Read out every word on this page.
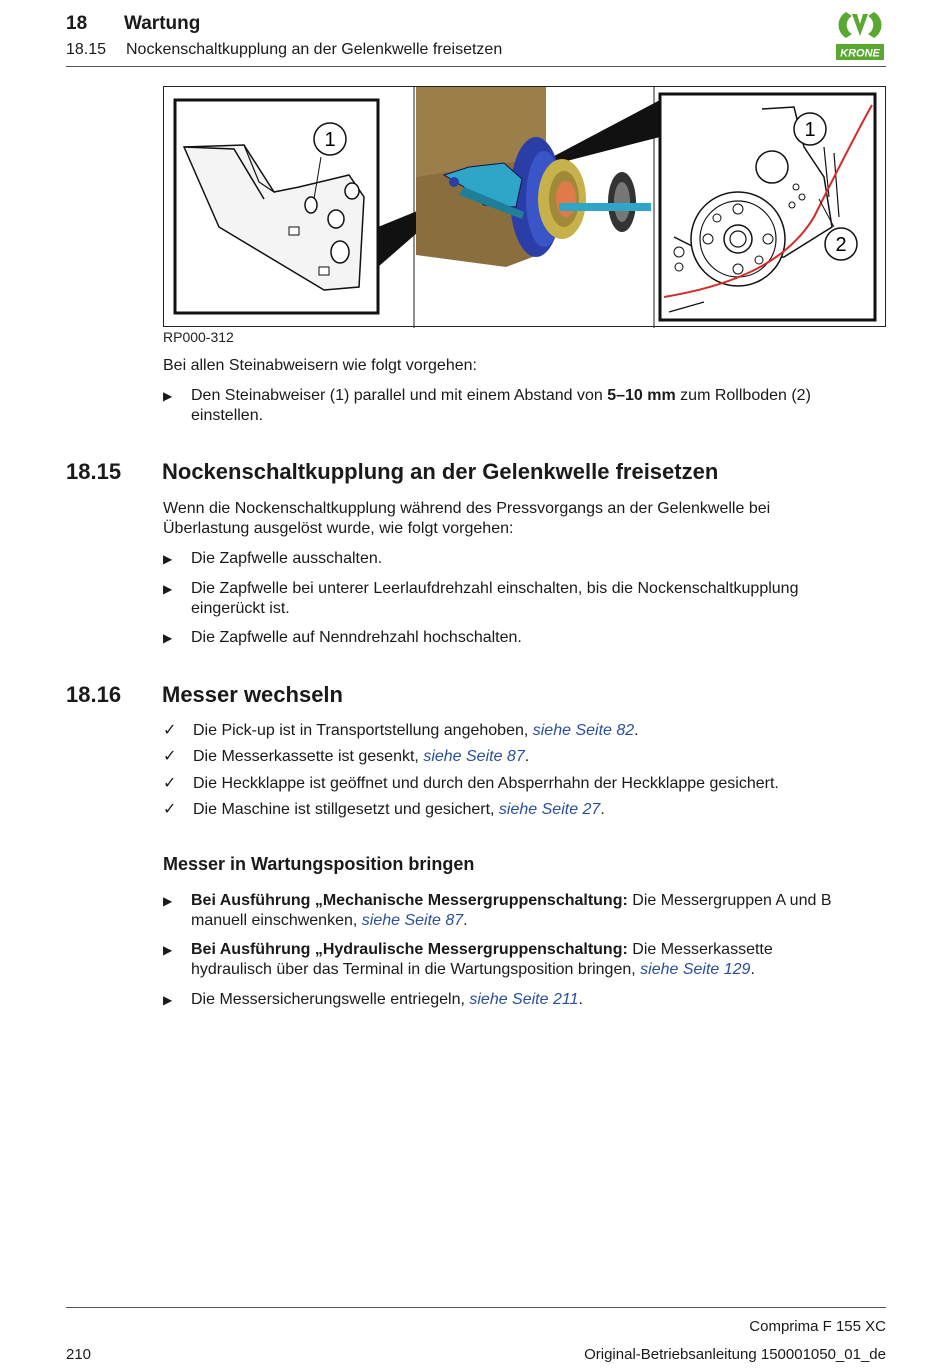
18 Wartung
18.15 Nockenschaltkupplung an der Gelenkwelle freisetzen	KRONE
1	1
2
RP000-312
Bei allen Steinabweisern wie folgt vorgehen:
▶ Den Steinabweiser (1) parallel und mit einem Abstand von 5–10 mm zum Rollboden (2)
einstellen.
18.15 Nockenschaltkupplung an der Gelenkwelle freisetzen
Wenn die Nockenschaltkupplung während des Pressvorgangs an der Gelenkwelle bei
Überlastung ausgelöst wurde, wie folgt vorgehen:
▶ Die Zapfwelle ausschalten.
▶ Die Zapfwelle bei unterer Leerlaufdrehzahl einschalten, bis die Nockenschaltkupplung
eingerückt ist.
▶ Die Zapfwelle auf Nenndrehzahl hochschalten.
18.16 Messer wechseln
✓ Die Pick-up ist in Transportstellung angehoben, siehe Seite 82.
✓ Die Messerkassette ist gesenkt, siehe Seite 87.
✓ Die Heckklappe ist geöffnet und durch den Absperrhahn der Heckklappe gesichert.
✓ Die Maschine ist stillgesetzt und gesichert, siehe Seite 27.
Messer in Wartungsposition bringen
▶ Bei Ausführung „Mechanische Messergruppenschaltung: Die Messergruppen A und B
manuell einschwenken, siehe Seite 87.
▶ Bei Ausführung „Hydraulische Messergruppenschaltung: Die Messerkassette
hydraulisch über das Terminal in die Wartungsposition bringen, siehe Seite 129.
▶ Die Messersicherungswelle entriegeln, siehe Seite 211.
Comprima F 155 XC
210	Original-Betriebsanleitung 150001050_01_de
